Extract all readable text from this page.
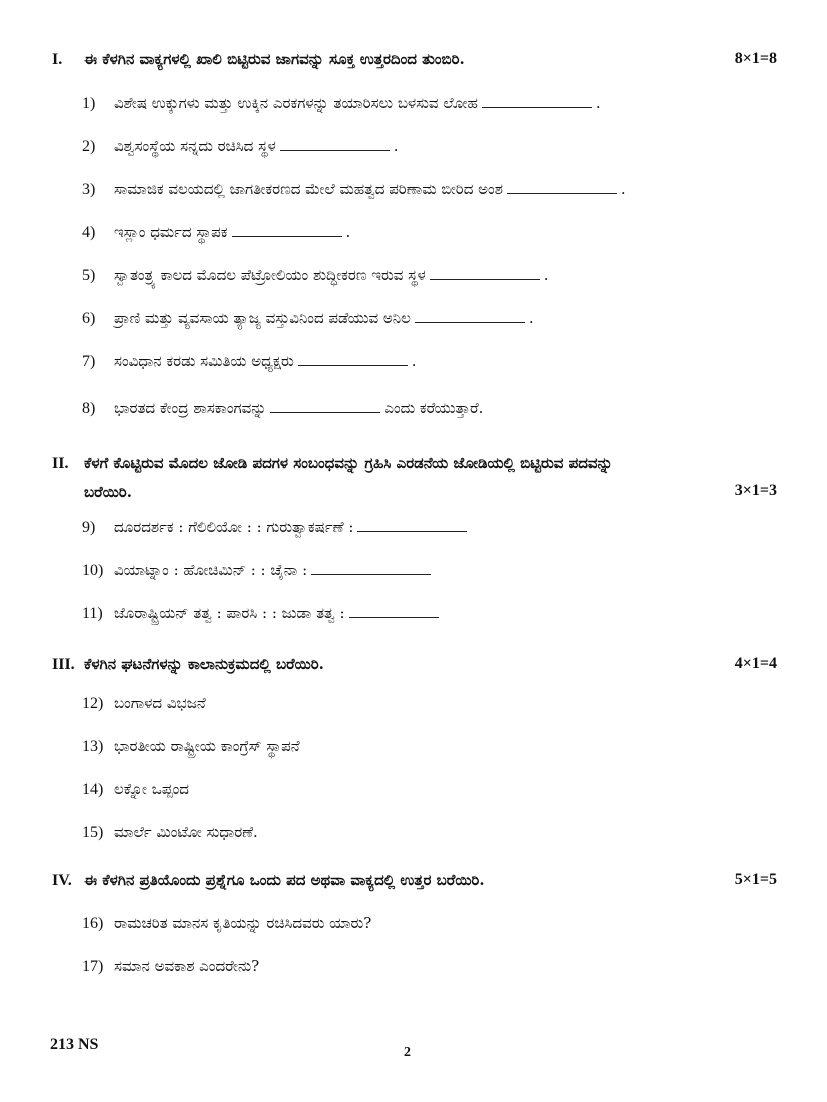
I. ಈ ಕೆಳಗಿನ ವಾಕ್ಯಗಳಲ್ಲಿ ಖಾಲಿ ಬಿಟ್ಟಿರುವ ಜಾಗವನ್ನು ಸೂಕ್ತ ಉತ್ತರದಿಂದ ತುಂಬಿರಿ.	8×1=8
1) ವಿಶೇಷ ಉಕ್ಕುಗಳು ಮತ್ತು ಉಕ್ಕಿನ ಎರಕಗಳನ್ನು ತಯಾರಿಸಲು ಬಳಸುವ ಲೋಹ	.
2) ವಿಶ್ವಸಂಸ್ಥೆಯ ಸನ್ನದು ರಚಿಸಿದ ಸ್ಥಳ	.
3) ಸಾಮಾಜಿಕ ವಲಯದಲ್ಲಿ ಜಾಗತೀಕರಣದ ಮೇಲೆ ಮಹತ್ವದ ಪರಿಣಾಮ ಬೀರಿದ ಅಂಶ	.
4) ಇಸ್ಲಾಂ ಧರ್ಮದ ಸ್ಥಾಪಕ	.
5) ಸ್ವಾತಂತ್ರ್ಯ ಕಾಲದ ಮೊದಲ ಪೆಟ್ರೋಲಿಯಂ ಶುದ್ಧೀಕರಣ ಇರುವ ಸ್ಥಳ	.
6) ಪ್ರಾಣಿ ಮತ್ತು ವ್ಯವಸಾಯ ತ್ಯಾಜ್ಯ ವಸ್ತುವಿನಿಂದ ಪಡೆಯುವ ಅನಿಲ	.
7) ಸಂವಿಧಾನ ಕರಡು ಸಮಿತಿಯ ಅಧ್ಯಕ್ಷರು	.
8) ಭಾರತದ ಕೇಂದ್ರ ಶಾಸಕಾಂಗವನ್ನು	ಎಂದು ಕರೆಯುತ್ತಾರೆ.
II. ಕೆಳಗೆ ಕೊಟ್ಟಿರುವ ಮೊದಲ ಜೋಡಿ ಪದಗಳ ಸಂಬಂಧವನ್ನು ಗ್ರಹಿಸಿ ಎರಡನೆಯ ಜೋಡಿಯಲ್ಲಿ ಬಿಟ್ಟಿರುವ ಪದವನ್ನು
ಬರೆಯಿರಿ.	3×1=3
9) ದೂರದರ್ಶಕ : ಗೆಲಿಲಿಯೋ : : ಗುರುತ್ವಾಕರ್ಷಣೆ :
10) ವಿಯಾಟ್ನಾಂ : ಹೋಚಿಮಿನ್ : : ಚೈನಾ :
11) ಜೊರಾಷ್ಟ್ರಿಯನ್ ತತ್ವ : ಪಾರಸಿ : : ಜುಡಾ ತತ್ವ :
III. ಕೆಳಗಿನ ಘಟನೆಗಳನ್ನು ಕಾಲಾನುಕ್ರಮದಲ್ಲಿ ಬರೆಯಿರಿ.	4×1=4
12) ಬಂಗಾಳದ ವಿಭಜನೆ
13) ಭಾರತೀಯ ರಾಷ್ಟ್ರೀಯ ಕಾಂಗ್ರೆಸ್ ಸ್ಥಾಪನೆ
14) ಲಕ್ನೋ ಒಪ್ಪಂದ
15) ಮಾರ್ಲೆ ಮಿಂಟೋ ಸುಧಾರಣೆ.
IV. ಈ ಕೆಳಗಿನ ಪ್ರತಿಯೊಂದು ಪ್ರಶ್ನೆಗೂ ಒಂದು ಪದ ಅಥವಾ ವಾಕ್ಯದಲ್ಲಿ ಉತ್ತರ ಬರೆಯಿರಿ.	5×1=5
16) ರಾಮಚರಿತ ಮಾನಸ ಕೃತಿಯನ್ನು ರಚಿಸಿದವರು ಯಾರು?
17) ಸಮಾನ ಅವಕಾಶ ಎಂದರೇನು?
213 NS	2
